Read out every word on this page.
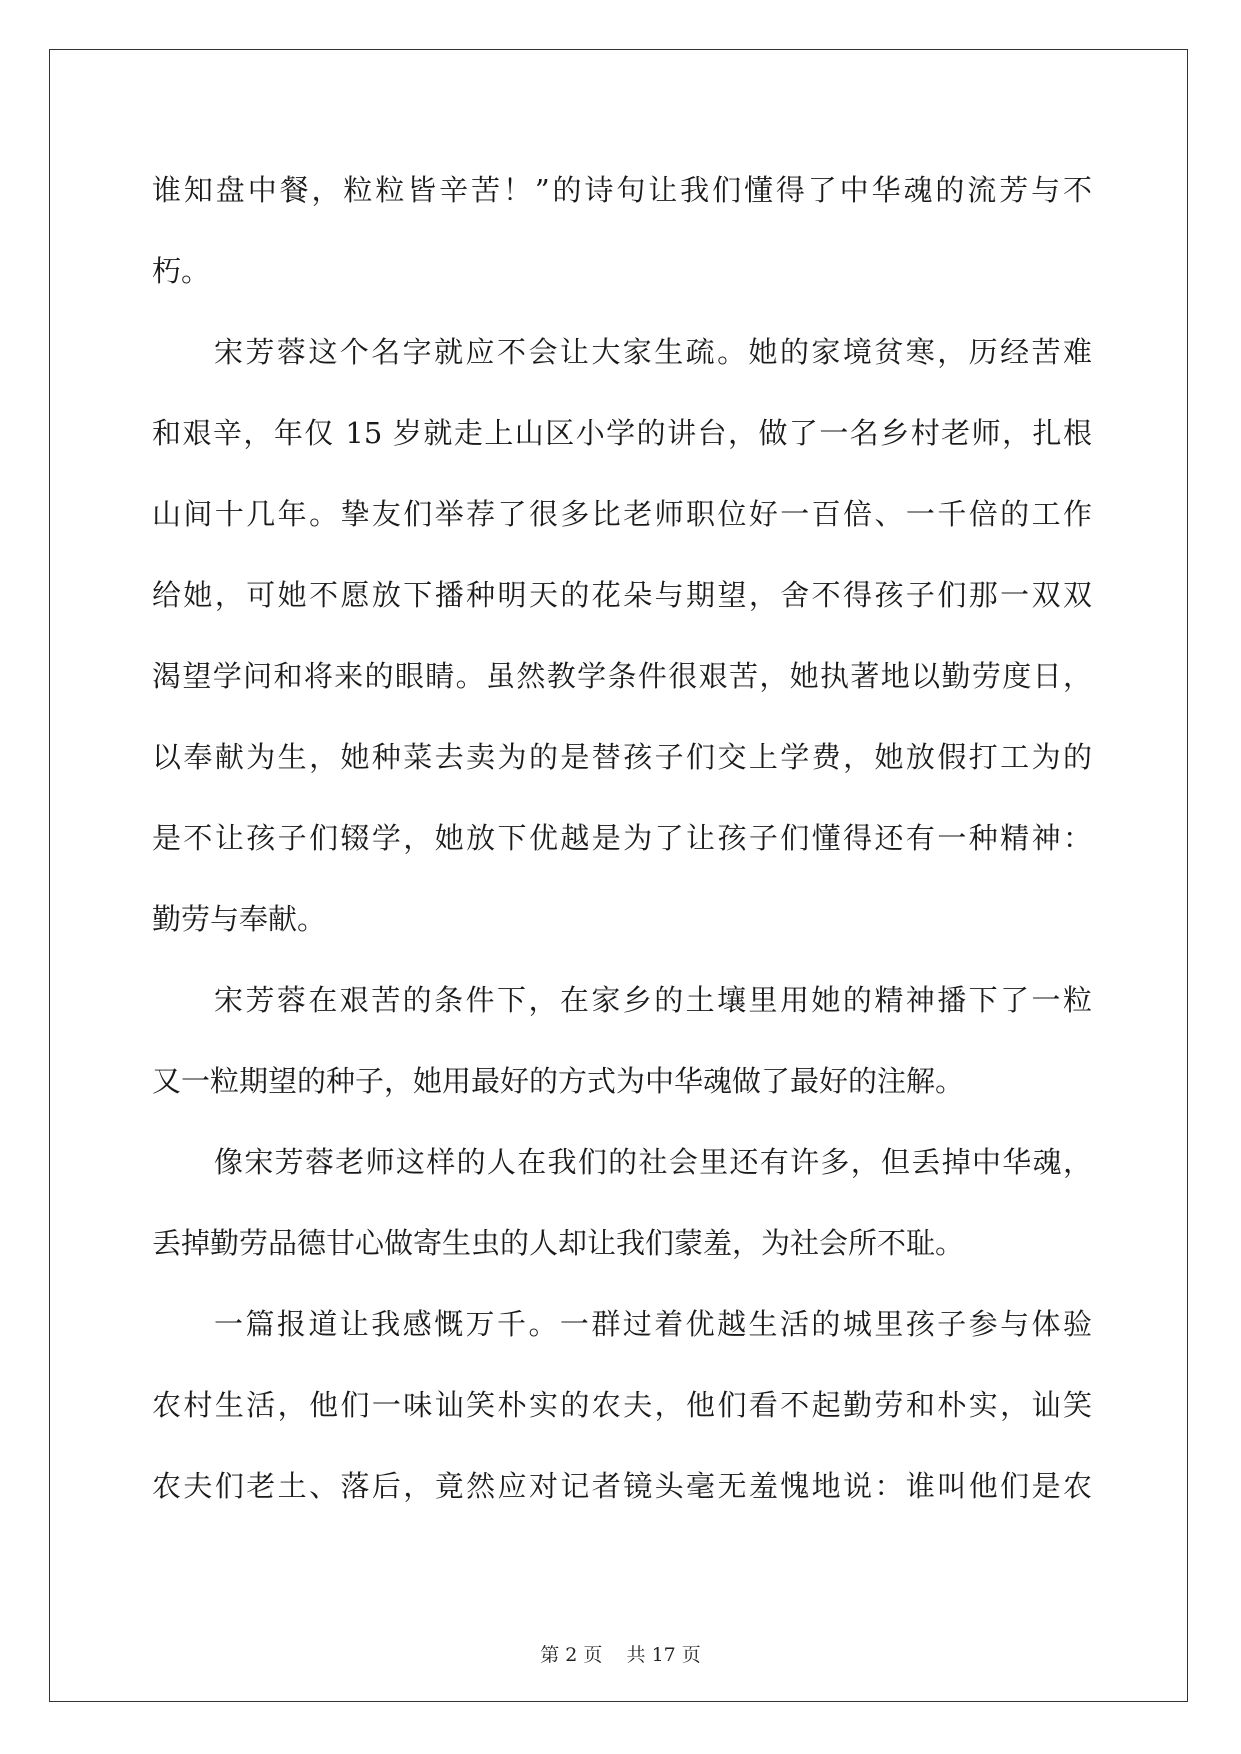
谁知盘中餐，粒粒皆辛苦！”的诗句让我们懂得了中华魂的流芳与不
朽。
宋芳蓉这个名字就应不会让大家生疏。她的家境贫寒，历经苦难
和艰辛，年仅 15 岁就走上山区小学的讲台，做了一名乡村老师，扎根
山间十几年。挚友们举荐了很多比老师职位好一百倍、一千倍的工作
给她，可她不愿放下播种明天的花朵与期望，舍不得孩子们那一双双
渴望学问和将来的眼睛。虽然教学条件很艰苦，她执著地以勤劳度日，
以奉献为生，她种菜去卖为的是替孩子们交上学费，她放假打工为的
是不让孩子们辍学，她放下优越是为了让孩子们懂得还有一种精神：
勤劳与奉献。
宋芳蓉在艰苦的条件下，在家乡的土壤里用她的精神播下了一粒
又一粒期望的种子，她用最好的方式为中华魂做了最好的注解。
像宋芳蓉老师这样的人在我们的社会里还有许多，但丢掉中华魂，
丢掉勤劳品德甘心做寄生虫的人却让我们蒙羞，为社会所不耻。
一篇报道让我感慨万千。一群过着优越生活的城里孩子参与体验
农村生活，他们一味讪笑朴实的农夫，他们看不起勤劳和朴实，讪笑
农夫们老土、落后，竟然应对记者镜头毫无羞愧地说：谁叫他们是农
第 2 页    共 17 页
